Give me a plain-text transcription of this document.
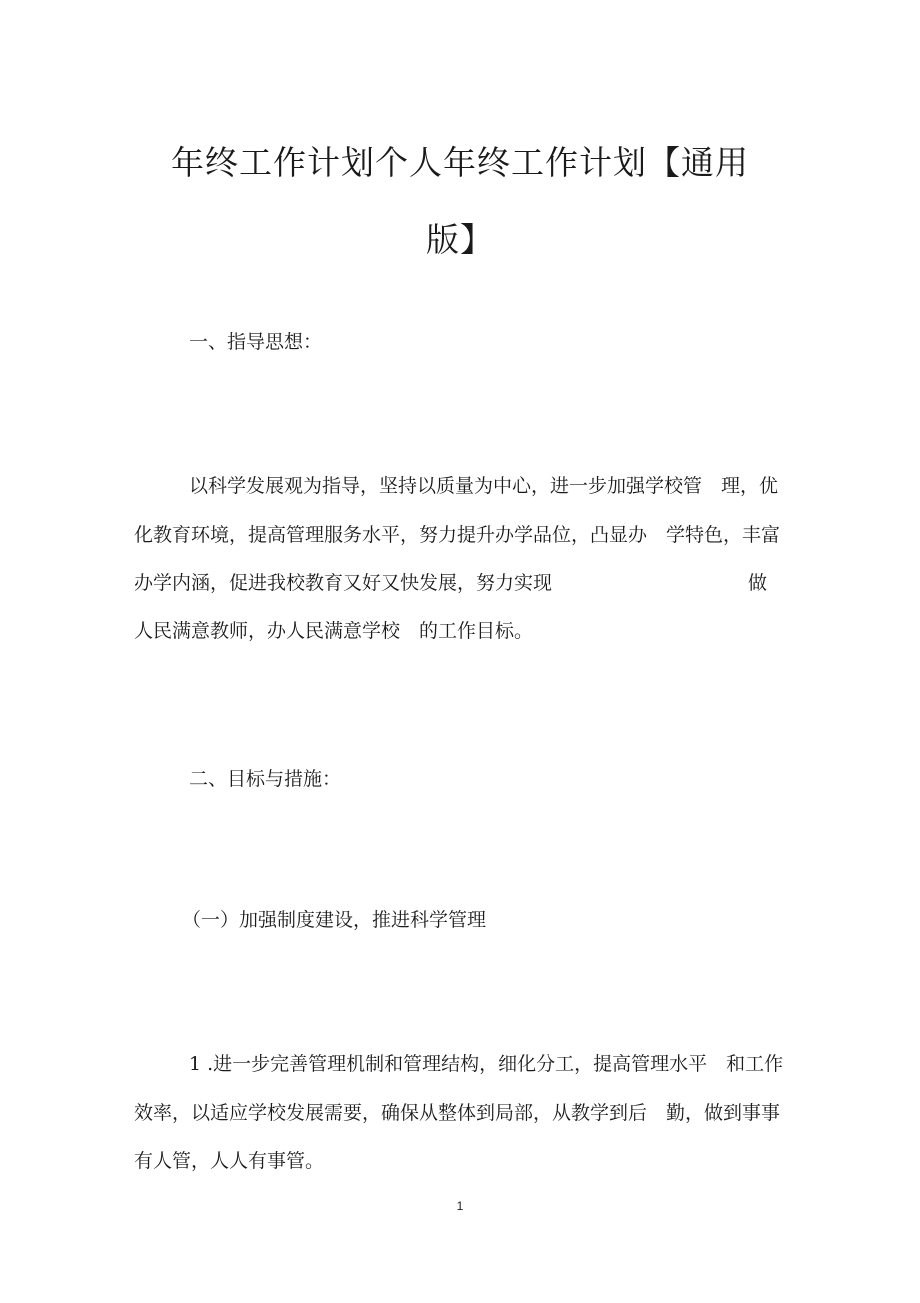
年终工作计划个人年终工作计划【通用
版】
一、指导思想：
以科学发展观为指导，坚持以质量为中心，进一步加强学校管　理，优
化教育环境，提高管理服务水平，努力提升办学品位，凸显办　学特色，丰富
办学内涵，促进我校教育又好又快发展，努力实现	做
人民满意教师，办人民满意学校　的工作目标。
二、目标与措施：
（一）加强制度建设，推进科学管理
1 .进一步完善管理机制和管理结构，细化分工，提高管理水平　和工作
效率，以适应学校发展需要，确保从整体到局部，从教学到后　勤，做到事事
有人管，人人有事管。
1
